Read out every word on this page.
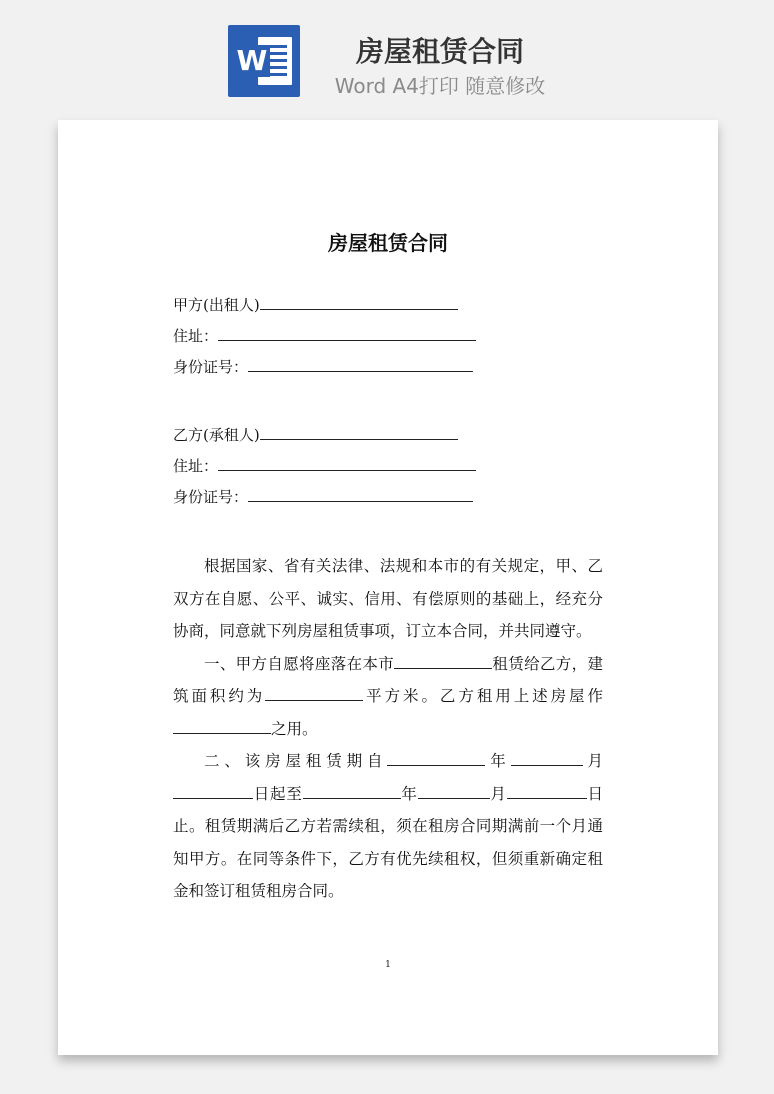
W	房屋租赁合同
Word A4打印 随意修改
房屋租赁合同
甲方(出租人)
住址：
身份证号：
乙方(承租人)
住址：
身份证号：

根据国家、省有关法律、法规和本市的有关规定，甲、乙双方在自愿、公平、诚实、信用、有偿原则的基础上，经充分协商，同意就下列房屋租赁事项，订立本合同，并共同遵守。

一、甲方自愿将座落在本市	租赁给乙方，建筑面积约为	平方米。乙方租用上述房屋作之用。

二、该房屋租赁期自	年	月日起至	年	月	日止。租赁期满后乙方若需续租，须在租房合同期满前一个月通知甲方。在同等条件下，乙方有优先续租权，但须重新确定租金和签订租赁租房合同。

1
